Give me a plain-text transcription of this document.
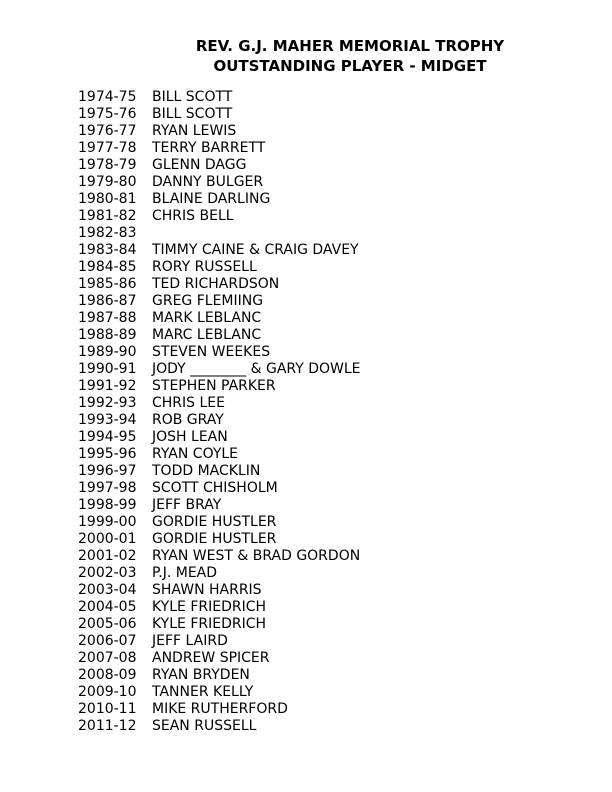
REV. G.J. MAHER MEMORIAL TROPHY
OUTSTANDING PLAYER - MIDGET
1974-75	BILL SCOTT
1975-76	BILL SCOTT
1976-77	RYAN LEWIS
1977-78	TERRY BARRETT
1978-79	GLENN DAGG
1979-80	DANNY BULGER
1980-81	BLAINE DARLING
1981-82	CHRIS BELL
1982-83
1983-84	TIMMY CAINE & CRAIG DAVEY
1984-85	RORY RUSSELL
1985-86	TED RICHARDSON
1986-87	GREG FLEMIING
1987-88	MARK LEBLANC
1988-89	MARC LEBLANC
1989-90	STEVEN WEEKES
1990-91	JODY ________ & GARY DOWLE
1991-92	STEPHEN PARKER
1992-93	CHRIS LEE
1993-94	ROB GRAY
1994-95	JOSH LEAN
1995-96	RYAN COYLE
1996-97	TODD MACKLIN
1997-98	SCOTT CHISHOLM
1998-99	JEFF BRAY
1999-00	GORDIE HUSTLER
2000-01	GORDIE HUSTLER
2001-02	RYAN WEST & BRAD GORDON
2002-03	P.J. MEAD
2003-04	SHAWN HARRIS
2004-05	KYLE FRIEDRICH
2005-06	KYLE FRIEDRICH
2006-07	JEFF LAIRD
2007-08	ANDREW SPICER
2008-09	RYAN BRYDEN
2009-10	TANNER KELLY
2010-11	MIKE RUTHERFORD
2011-12	SEAN RUSSELL
